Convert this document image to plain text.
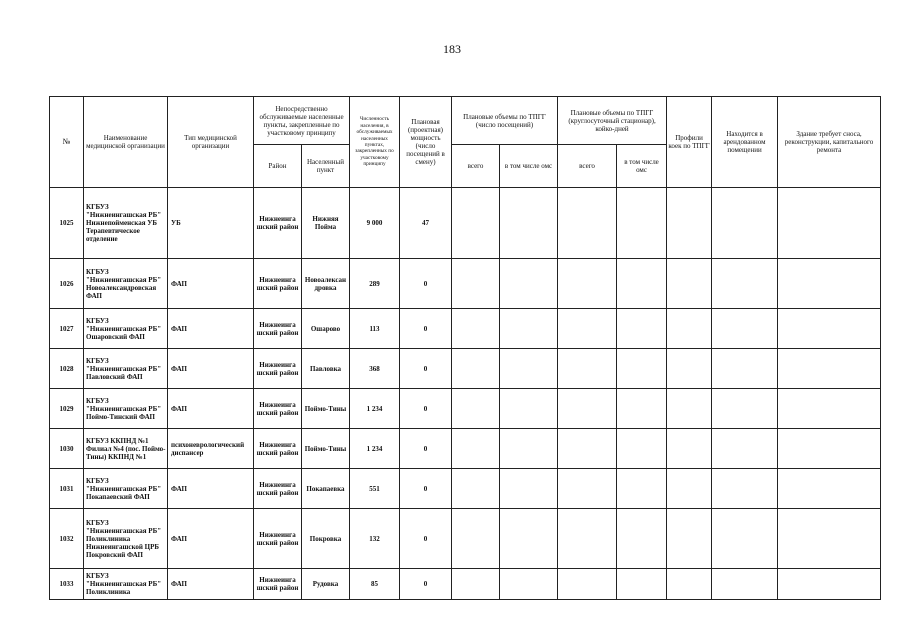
183
№	Наименование медицинской организации	Тип медицинской организации	Непосредственно обслуживаемые населенные пункты, закрепленные по участковому принципу		Численность населения, в обслуживаемых населенных пунктах, закрепленных по участковому принципу	Плановая (проектная) мощность (число посещений в смену)	Плановые объемы по ТПГГ (число посещений)		Плановые объемы по ТПГГ (круглосуточный стационар), койко-дней		Профили коек по ТПГГ	Находится в арендованном помещении	Здание требует сноса, реконструкции, капитального ремонта
			Район	Населенный пункт			всего	в том числе омс	всего	в том числе омс			
1025	КГБУЗ "Нижнеингашская РБ" Нижнепойменская УБ Терапевтическое отделение	УБ	Нижнеинга шский район	Нижняя Пойма	9 000	47							
1026	КГБУЗ "Нижнеингашская РБ" Новоалександровская ФАП	ФАП	Нижнеинга шский район	Новоалексан дровка	289	0							
1027	КГБУЗ "Нижнеингашская РБ" Ошаровский ФАП	ФАП	Нижнеинга шский район	Ошарово	113	0							
1028	КГБУЗ "Нижнеингашская РБ" Павловский ФАП	ФАП	Нижнеинга шский район	Павловка	368	0							
1029	КГБУЗ "Нижнеингашская РБ" Поймо-Тинский ФАП	ФАП	Нижнеинга шский район	Поймо-Тины	1 234	0							
1030	КГБУЗ ККПНД №1 Филиал №4 (пос. Поймо-Тины) ККПНД №1	психоневрологический диспансер	Нижнеинга шский район	Поймо-Тины	1 234	0							
1031	КГБУЗ "Нижнеингашская РБ" Покапаевский ФАП	ФАП	Нижнеинга шский район	Покапаевка	551	0							
1032	КГБУЗ "Нижнеингашская РБ" Поликлиника Нижнеингашской ЦРБ Покровский ФАП	ФАП	Нижнеинга шский район	Покровка	132	0							
1033	КГБУЗ "Нижнеингашская РБ" Поликлиника	ФАП	Нижнеинга шский район	Рудовка	85	0							
